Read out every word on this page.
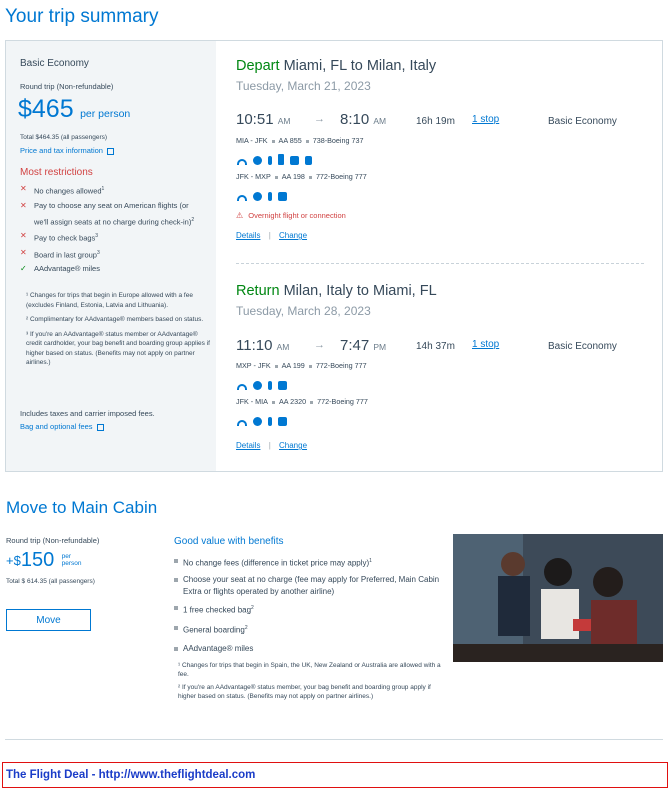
Your trip summary
Basic Economy
Round trip (Non-refundable)
$465 per person
Total $464.35 (all passengers)
Price and tax information
Most restrictions
✕ No changes allowed$^1$
✕ Pay to choose any seat on American flights (or we'll assign seats at no charge during check-in)$^2$
✕ Pay to check bags$^3$
✕ Board in last group$^3$
✓ AAdvantage® miles
¹ Changes for trips that begin in Europe allowed with a fee (excludes Finland, Estonia, Latvia and Lithuania).
² Complimentary for AAdvantage® members based on status.
³ If you're an AAdvantage® status member or AAdvantage® credit cardholder, your bag benefit and boarding group applies if higher based on status. (Benefits may not apply on partner airlines.)
Includes taxes and carrier imposed fees.
Bag and optional fees
Depart Miami, FL to Milan, Italy
Tuesday, March 21, 2023
10:51 AM → 8:10 AM	16h 19m 1 stop	Basic Economy
MIA - JFK AA 855 738-Boeing 737
JFK - MXP AA 198 772-Boeing 777
⚠ Overnight flight or connection
Details | Change
Return Milan, Italy to Miami, FL
Tuesday, March 28, 2023
11:10 AM → 7:47 PM	14h 37m 1 stop	Basic Economy
MXP - JFK AA 199 772-Boeing 777
JFK - MIA AA 2320 772-Boeing 777
Details | Change
Move to Main Cabin
Round trip (Non-refundable)
+$150 per
person
Total $ 614.35 (all passengers)
Move
Good value with benefits
No change fees (difference in ticket price may apply)$^1$
Choose your seat at no charge (fee may apply for Preferred, Main Cabin Extra or flights operated by another airline)
1 free checked bag$^2$
General boarding$^2$
AAdvantage® miles
¹ Changes for trips that begin in Spain, the UK, New Zealand or Australia are allowed with a fee.
² If you're an AAdvantage® status member, your bag benefit and boarding group apply if higher based on status. (Benefits may not apply on partner airlines.)
The Flight Deal - http://www.theflightdeal.com
